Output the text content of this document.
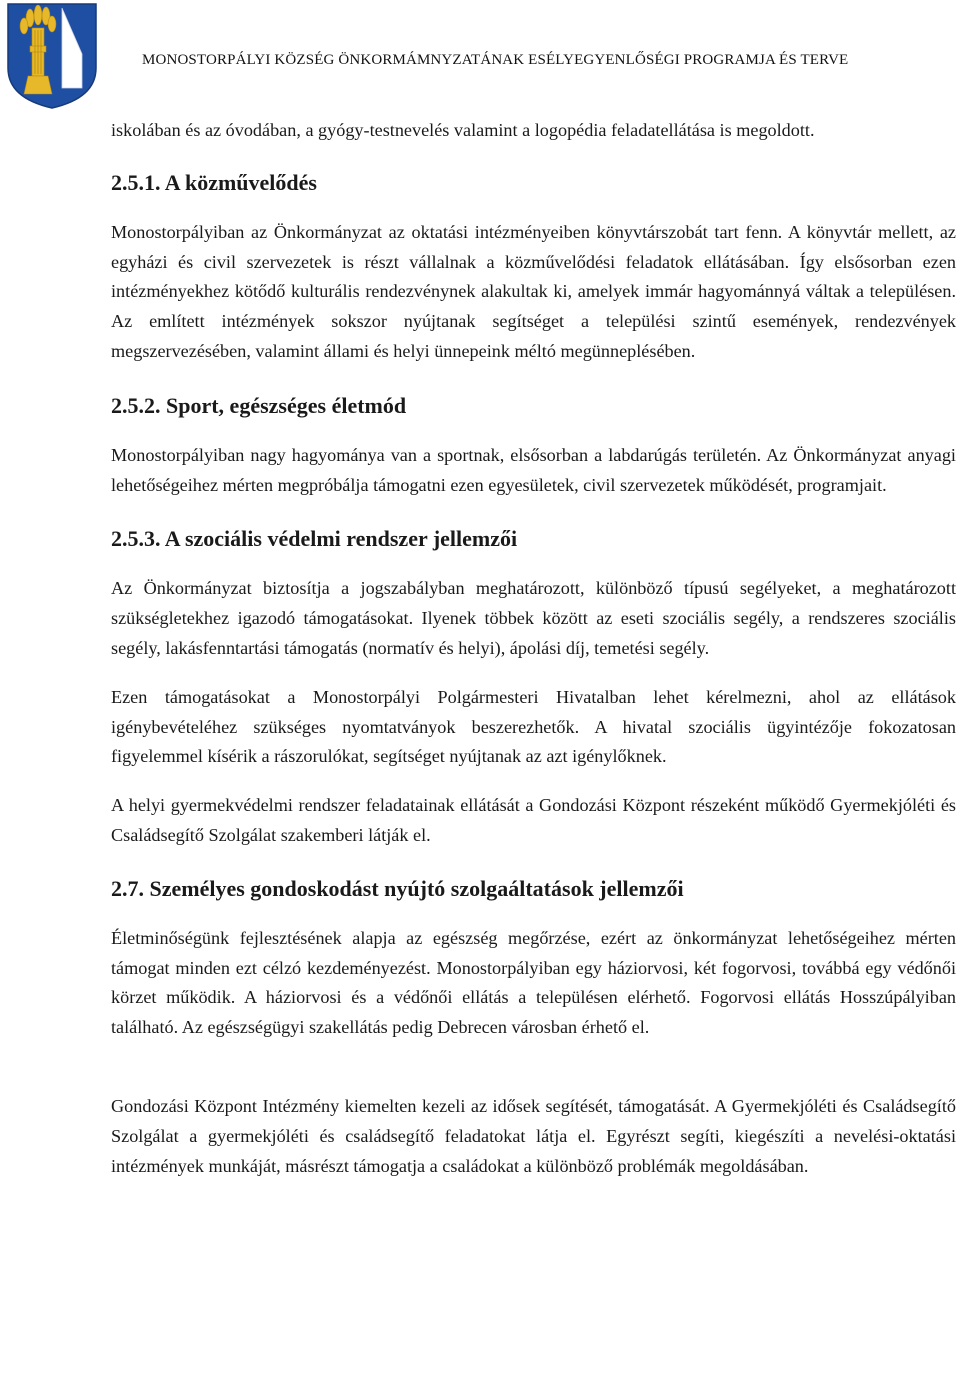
MONOSTORPÁLYI KÖZSÉG ÖNKORMÁMNYZATÁNAK ESÉLYEGYENLŐSÉGI PROGRAMJA ÉS TERVE

iskolában és az óvodában, a gyógy-testnevelés valamint a logopédia feladatellátása is megoldott.

2.5.1. A közművelődés

Monostorpályiban az Önkormányzat az oktatási intézményeiben könyvtárszobát tart fenn. A könyvtár mellett, az egyházi és civil szervezetek is részt vállalnak a közművelődési feladatok ellátásában. Így elsősorban ezen intézményekhez kötődő kulturális rendezvénynek alakultak ki, amelyek immár hagyománnyá váltak a településen. Az említett intézmények sokszor nyújtanak segítséget a települési szintű események, rendezvények megszervezésében, valamint állami és helyi ünnepeink méltó megünneplésében.

2.5.2. Sport, egészséges életmód

Monostorpályiban nagy hagyománya van a sportnak, elsősorban a labdarúgás területén. Az Önkormányzat anyagi lehetőségeihez mérten megpróbálja támogatni ezen egyesületek, civil szervezetek működését, programjait.

2.5.3. A szociális védelmi rendszer jellemzői

Az Önkormányzat biztosítja a jogszabályban meghatározott, különböző típusú segélyeket, a meghatározott szükségletekhez igazodó támogatásokat. Ilyenek többek között az eseti szociális segély, a rendszeres szociális segély, lakásfenntartási támogatás (normatív és helyi), ápolási díj, temetési segély.

Ezen támogatásokat a Monostorpályi Polgármesteri Hivatalban lehet kérelmezni, ahol az ellátások igénybevételéhez szükséges nyomtatványok beszerezhetők. A hivatal szociális ügyintézője fokozatosan figyelemmel kísérik a rászorulókat, segítséget nyújtanak az azt igénylőknek.

A helyi gyermekvédelmi rendszer feladatainak ellátását a Gondozási Központ részeként működő Gyermekjóléti és Családsegítő Szolgálat szakemberi látják el.

2.7. Személyes gondoskodást nyújtó szolgaáltatások jellemzői

Életminőségünk fejlesztésének alapja az egészség megőrzése, ezért az önkormányzat lehetőségeihez mérten támogat minden ezt célzó kezdeményezést. Monostorpályiban egy háziorvosi, két fogorvosi, továbbá egy védőnői körzet működik. A háziorvosi és a védőnői ellátás a településen elérhető. Fogorvosi ellátás Hosszúpályiban található. Az egészségügyi szakellátás pedig Debrecen városban érhető el.

Gondozási Központ Intézmény kiemelten kezeli az idősek segítését, támogatását. A Gyermekjóléti és Családsegítő Szolgálat a gyermekjóléti és családsegítő feladatokat látja el. Egyrészt segíti, kiegészíti a nevelési-oktatási intézmények munkáját, másrészt támogatja a családokat a különböző problémák megoldásában.
